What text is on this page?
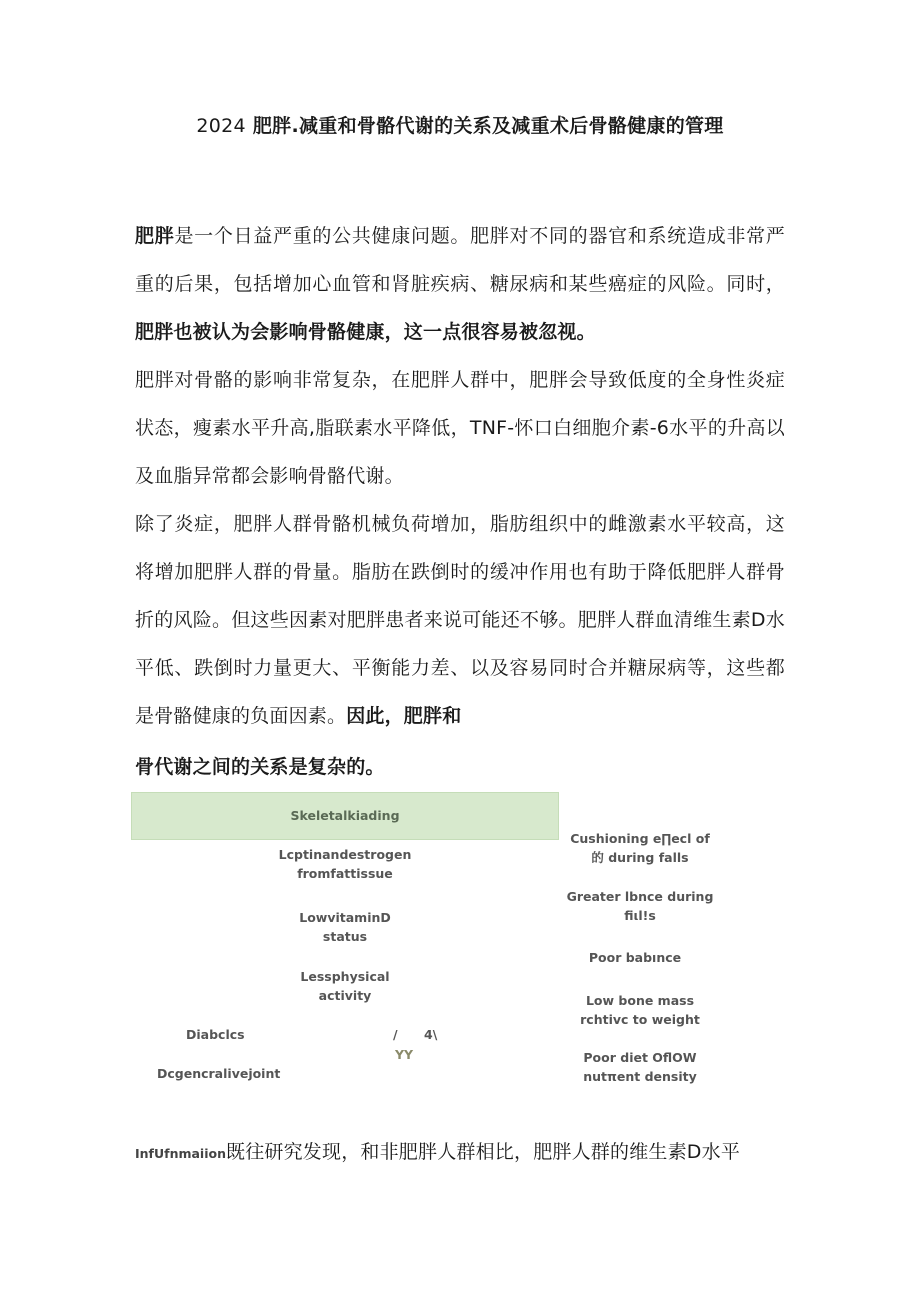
2024 肥胖.减重和骨骼代谢的关系及减重术后骨骼健康的管理
肥胖是一个日益严重的公共健康问题。肥胖对不同的器官和系统造成非常严重的后果，包括增加心血管和肾脏疾病、糖尿病和某些癌症的风险。同时，肥胖也被认为会影响骨骼健康，这一点很容易被忽视。
肥胖对骨骼的影响非常复杂，在肥胖人群中，肥胖会导致低度的全身性炎症状态，瘦素水平升高,脂联素水平降低，TNF-怀口白细胞介素-6水平的升高以及血脂异常都会影响骨骼代谢。
除了炎症，肥胖人群骨骼机械负荷增加，脂肪组织中的雌激素水平较高，这将增加肥胖人群的骨量。脂肪在跌倒时的缓冲作用也有助于降低肥胖人群骨折的风险。但这些因素对肥胖患者来说可能还不够。肥胖人群血清维生素D水平低、跌倒时力量更大、平衡能力差、以及容易同时合并糖尿病等，这些都是骨骼健康的负面因素。因此，肥胖和
骨代谢之间的关系是复杂的。
Skeletalkiading
Lcptinandestrogen
fromfattissue
LowvitaminD
status
Lessphysical
activity
Diabclcs
Dcgencralivejoint
/ 4\
YY
Cushioning e∏ecl of
的 during falls
Greater lbnce during
fiιl!s
Poor babınce
Low bone mass
rchtivc to weight
Poor diet OflOW
nutπent density
InfUfnmaiion既往研究发现，和非肥胖人群相比，肥胖人群的维生素D水平
